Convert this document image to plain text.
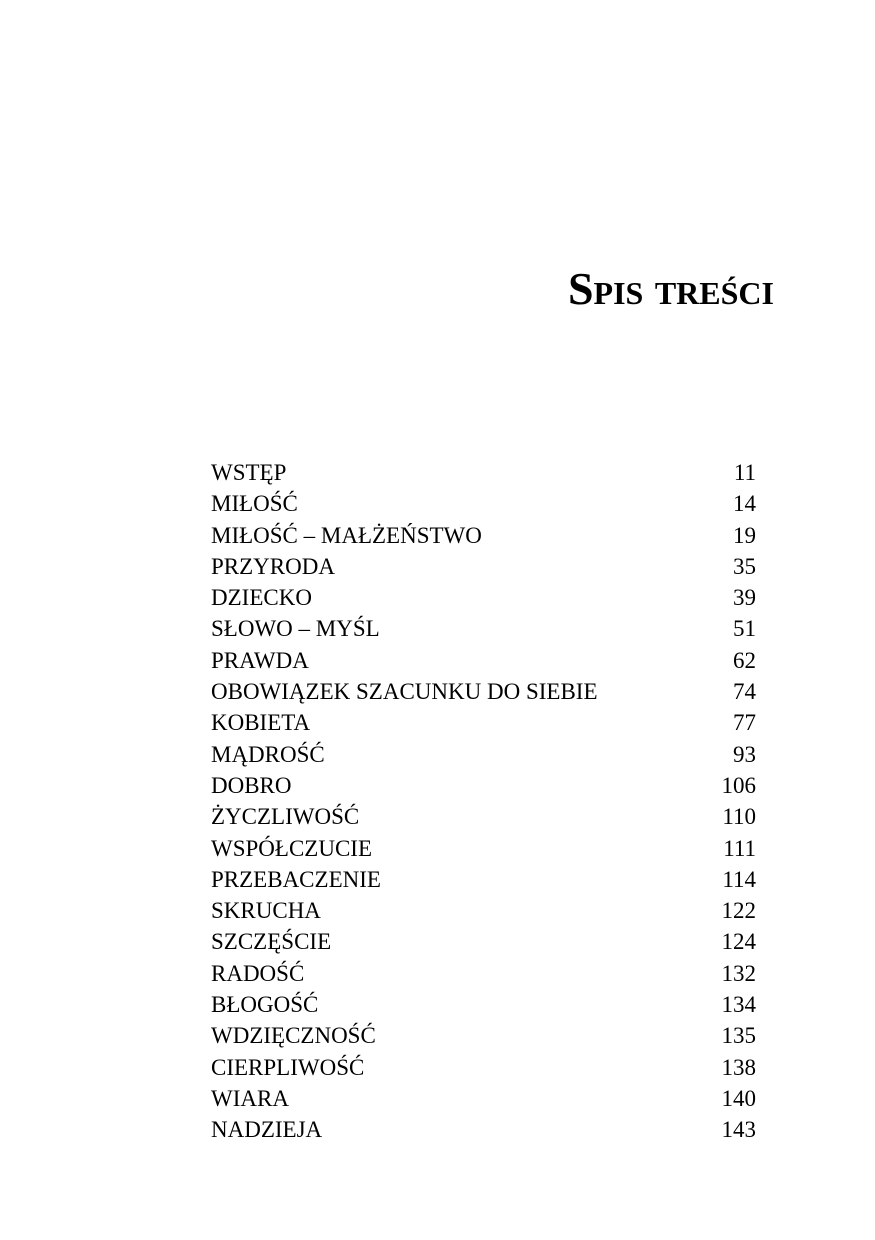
Spis treści
WSTĘP	11
MIŁOŚĆ	14
MIŁOŚĆ – MAŁŻEŃSTWO	19
PRZYRODA	35
DZIECKO	39
SŁOWO – MYŚL	51
PRAWDA	62
OBOWIĄZEK SZACUNKU DO SIEBIE	74
KOBIETA	77
MĄDROŚĆ	93
DOBRO	106
ŻYCZLIWOŚĆ	110
WSPÓŁCZUCIE	111
PRZEBACZENIE	114
SKRUCHA	122
SZCZĘŚCIE	124
RADOŚĆ	132
BŁOGOŚĆ	134
WDZIĘCZNOŚĆ	135
CIERPLIWOŚĆ	138
WIARA	140
NADZIEJA	143
